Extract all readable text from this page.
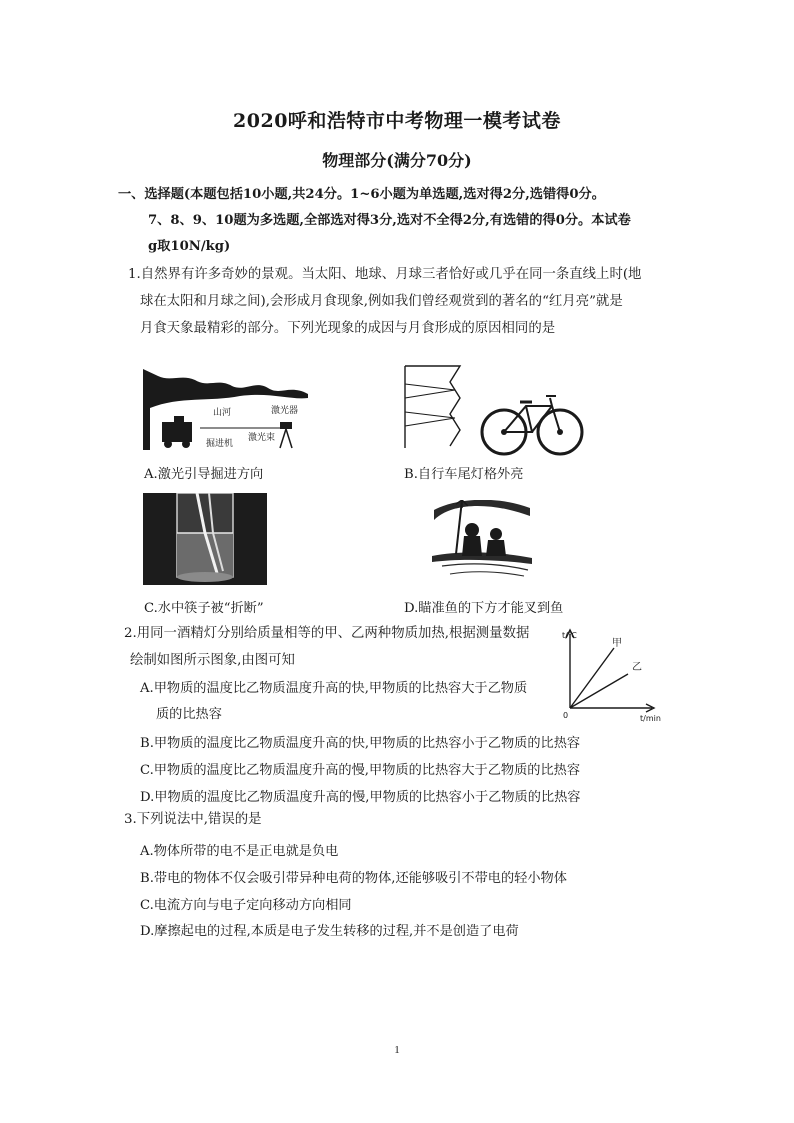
2020呼和浩特市中考物理一模考试卷
物理部分(满分70分)
一、选择题(本题包括10小题,共24分。1~6小题为单选题,选对得2分,选错得0分。
7、8、9、10题为多选题,全部选对得3分,选对不全得2分,有选错的得0分。本试卷
g取10N/kg)
1.自然界有许多奇妙的景观。当太阳、地球、月球三者恰好或几乎在同一条直线上时(地
球在太阳和月球之间),会形成月食现象,例如我们曾经观赏到的著名的“红月亮”就是
月食天象最精彩的部分。下列光现象的成因与月食形成的原因相同的是
山河	激光器
激光束
掘进机
A.激光引导掘进方向	B.自行车尾灯格外亮
C.水中筷子被“折断”	D.瞄准鱼的下方才能叉到鱼
2.用同一酒精灯分别给质量相等的甲、乙两种物质加热,根据测量数据
绘制如图所示图象,由图可知
t/℃
t/min
0
甲
乙
A.甲物质的温度比乙物质温度升高的快,甲物质的比热容大于乙物质
质的比热容
B.甲物质的温度比乙物质温度升高的快,甲物质的比热容小于乙物质的比热容
C.甲物质的温度比乙物质温度升高的慢,甲物质的比热容大于乙物质的比热容
D.甲物质的温度比乙物质温度升高的慢,甲物质的比热容小于乙物质的比热容
3.下列说法中,错误的是
A.物体所带的电不是正电就是负电
B.带电的物体不仅会吸引带异种电荷的物体,还能够吸引不带电的轻小物体
C.电流方向与电子定向移动方向相同
D.摩擦起电的过程,本质是电子发生转移的过程,并不是创造了电荷
1
